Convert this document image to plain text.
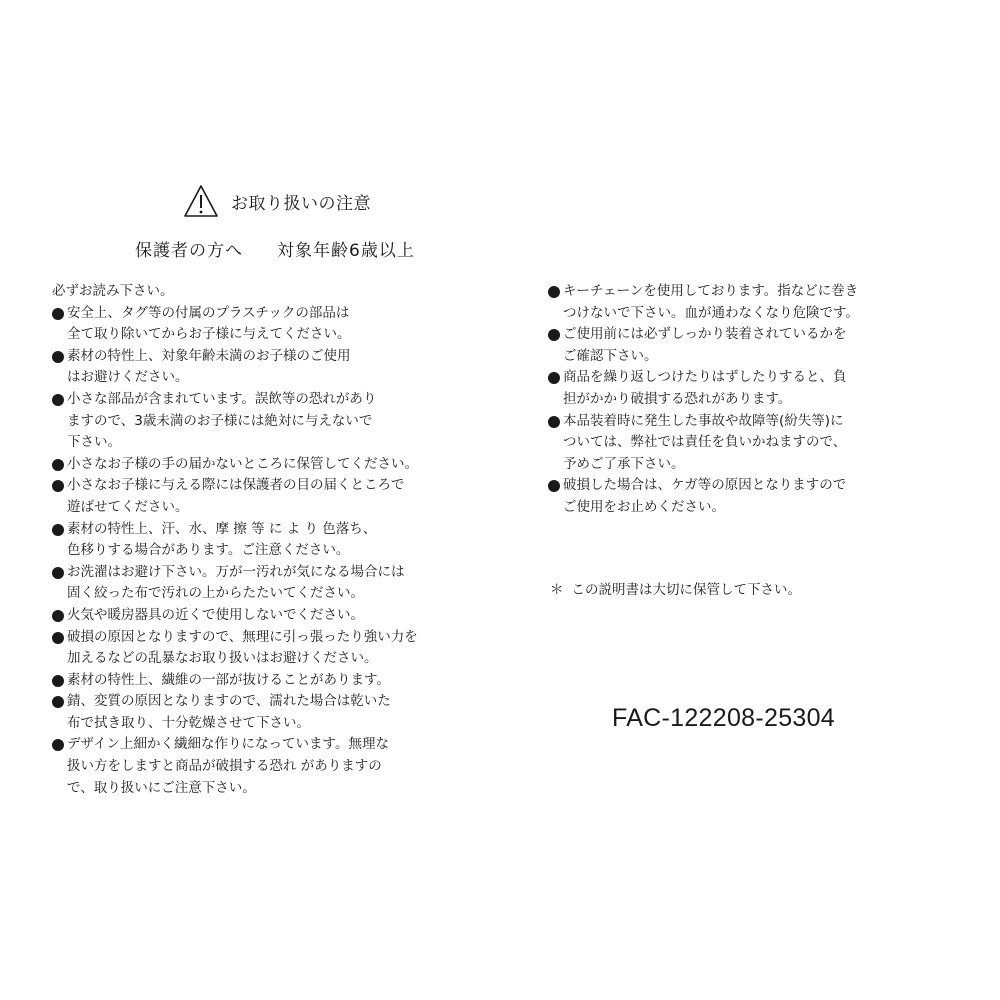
お取り扱いの注意
保護者の方へ 対象年齢6歳以上
必ずお読み下さい。
安全上、タグ等の付属のプラスチックの部品は
全て取り除いてからお子様に与えてください。
素材の特性上、対象年齢未満のお子様のご使用
はお避けください。
小さな部品が含まれています。誤飲等の恐れがあり
ますので、3歳未満のお子様には絶対に与えないで
下さい。
小さなお子様の手の届かないところに保管してください。
小さなお子様に与える際には保護者の目の届くところで
遊ばせてください。
素材の特性上、汗、水、摩 擦 等 に よ り 色落ち、
色移りする場合があります。ご注意ください。
お洗濯はお避け下さい。万が一汚れが気になる場合には
固く絞った布で汚れの上からたたいてください。
火気や暖房器具の近くで使用しないでください。
破損の原因となりますので、無理に引っ張ったり強い力を
加えるなどの乱暴なお取り扱いはお避けください。
素材の特性上、繊維の一部が抜けることがあります。
錆、変質の原因となりますので、濡れた場合は乾いた
布で拭き取り、十分乾燥させて下さい。
デザイン上細かく繊細な作りになっています。無理な
扱い方をしますと商品が破損する恐れ がありますの
で、取り扱いにご注意下さい。
キーチェーンを使用しております。指などに巻き
つけないで下さい。血が通わなくなり危険です。
ご使用前には必ずしっかり装着されているかを
ご確認下さい。
商品を繰り返しつけたりはずしたりすると、負
担がかかり破損する恐れがあります。
本品装着時に発生した事故や故障等(紛失等)に
ついては、弊社では責任を負いかねますので、
予めご了承下さい。
破損した場合は、ケガ等の原因となりますので
ご使用をお止めください。
＊ この説明書は大切に保管して下さい。
FAC-122208-25304
